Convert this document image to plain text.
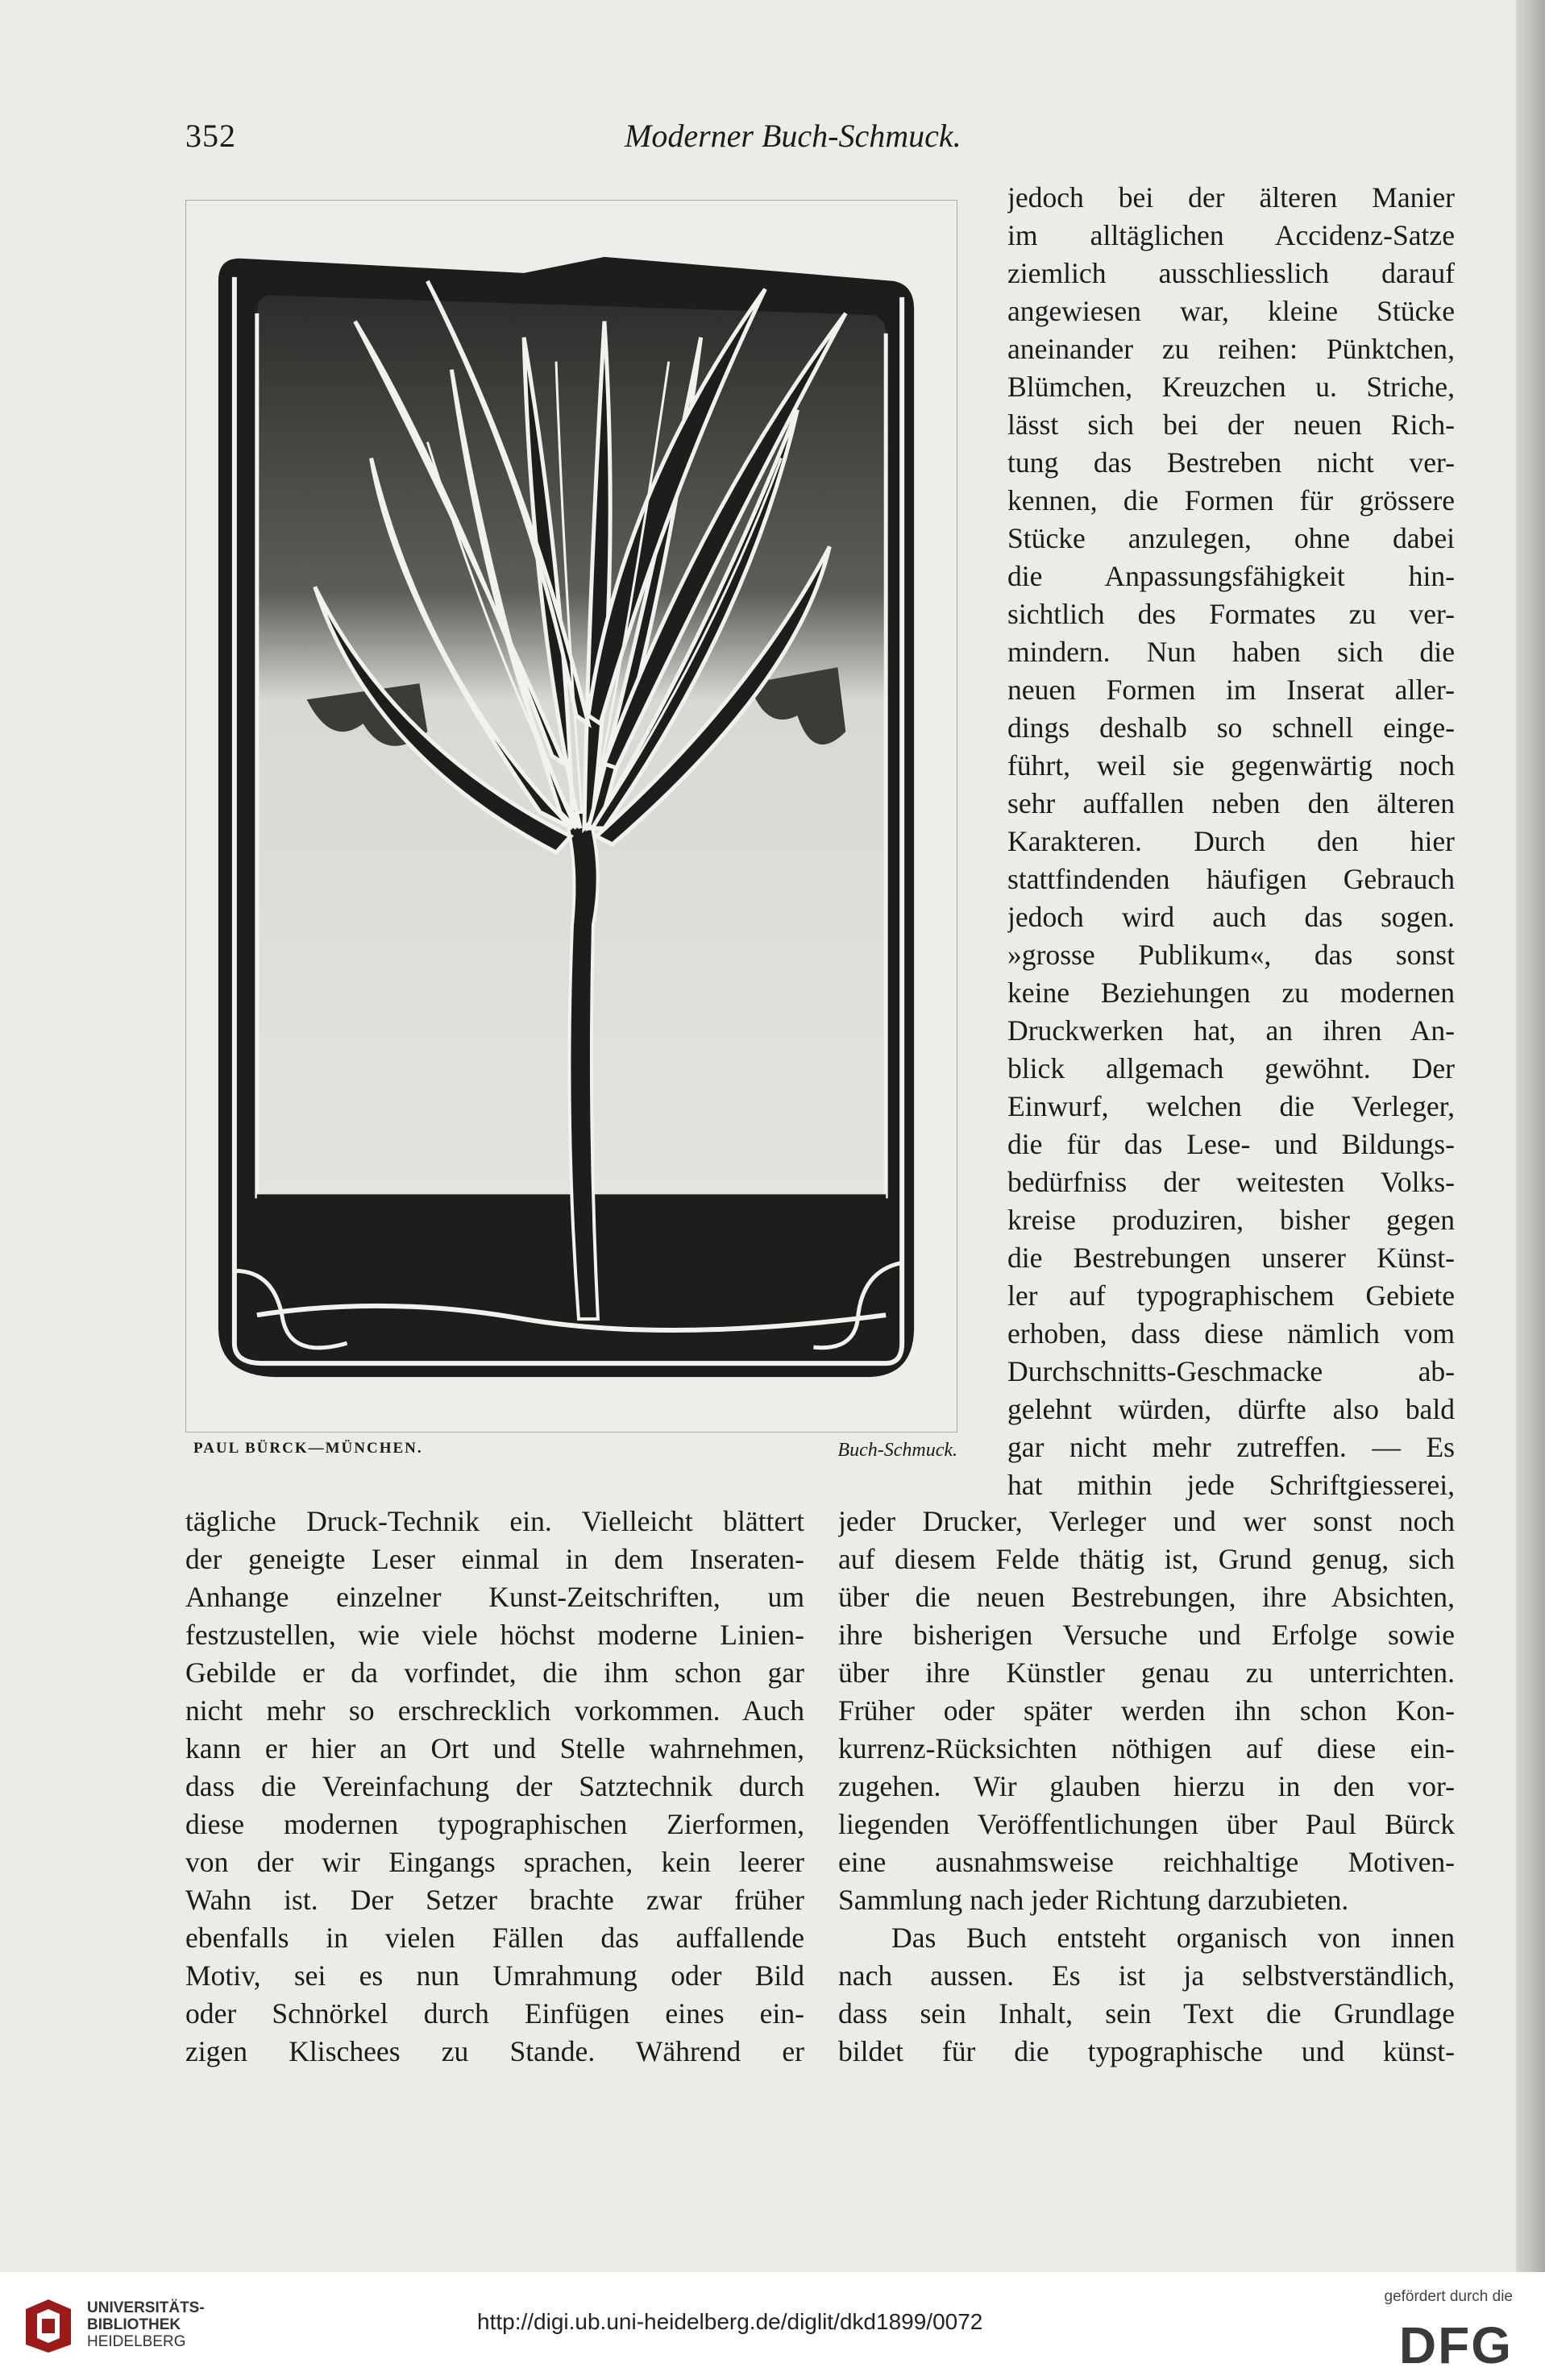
352	Moderner Buch-Schmuck.
PAUL BÜRCK—MÜNCHEN.	Buch-Schmuck.
jedoch bei der älteren Manier
im alltäglichen Accidenz-Satze
ziemlich ausschliesslich darauf
angewiesen war, kleine Stücke
aneinander zu reihen: Pünktchen,
Blümchen, Kreuzchen u. Striche,
lässt sich bei der neuen Rich-
tung das Bestreben nicht ver-
kennen, die Formen für grössere
Stücke anzulegen, ohne dabei
die Anpassungsfähigkeit hin-
sichtlich des Formates zu ver-
mindern. Nun haben sich die
neuen Formen im Inserat aller-
dings deshalb so schnell einge-
führt, weil sie gegenwärtig noch
sehr auffallen neben den älteren
Karakteren. Durch den hier
stattfindenden häufigen Gebrauch
jedoch wird auch das sogen.
»grosse Publikum«, das sonst
keine Beziehungen zu modernen
Druckwerken hat, an ihren An-
blick allgemach gewöhnt. Der
Einwurf, welchen die Verleger,
die für das Lese- und Bildungs-
bedürfniss der weitesten Volks-
kreise produziren, bisher gegen
die Bestrebungen unserer Künst-
ler auf typographischem Gebiete
erhoben, dass diese nämlich vom
Durchschnitts-Geschmacke ab-
gelehnt würden, dürfte also bald
gar nicht mehr zutreffen. — Es
hat mithin jede Schriftgiesserei,
tägliche Druck-Technik ein. Vielleicht blättert
der geneigte Leser einmal in dem Inseraten-
Anhange einzelner Kunst-Zeitschriften, um
festzustellen, wie viele höchst moderne Linien-
Gebilde er da vorfindet, die ihm schon gar
nicht mehr so erschrecklich vorkommen. Auch
kann er hier an Ort und Stelle wahrnehmen,
dass die Vereinfachung der Satztechnik durch
diese modernen typographischen Zierformen,
von der wir Eingangs sprachen, kein leerer
Wahn ist. Der Setzer brachte zwar früher
ebenfalls in vielen Fällen das auffallende
Motiv, sei es nun Umrahmung oder Bild
oder Schnörkel durch Einfügen eines ein-
zigen Klischees zu Stande. Während er
jeder Drucker, Verleger und wer sonst noch
auf diesem Felde thätig ist, Grund genug, sich
über die neuen Bestrebungen, ihre Absichten,
ihre bisherigen Versuche und Erfolge sowie
über ihre Künstler genau zu unterrichten.
Früher oder später werden ihn schon Kon-
kurrenz-Rücksichten nöthigen auf diese ein-
zugehen. Wir glauben hierzu in den vor-
liegenden Veröffentlichungen über Paul Bürck
eine ausnahmsweise reichhaltige Motiven-
Sammlung nach jeder Richtung darzubieten.
Das Buch entsteht organisch von innen
nach aussen. Es ist ja selbstverständlich,
dass sein Inhalt, sein Text die Grundlage
bildet für die typographische und künst-
UNIVERSITÄTS-
BIBLIOTHEK
HEIDELBERG
http://digi.ub.uni-heidelberg.de/diglit/dkd1899/0072
gefördert durch die
DFG
